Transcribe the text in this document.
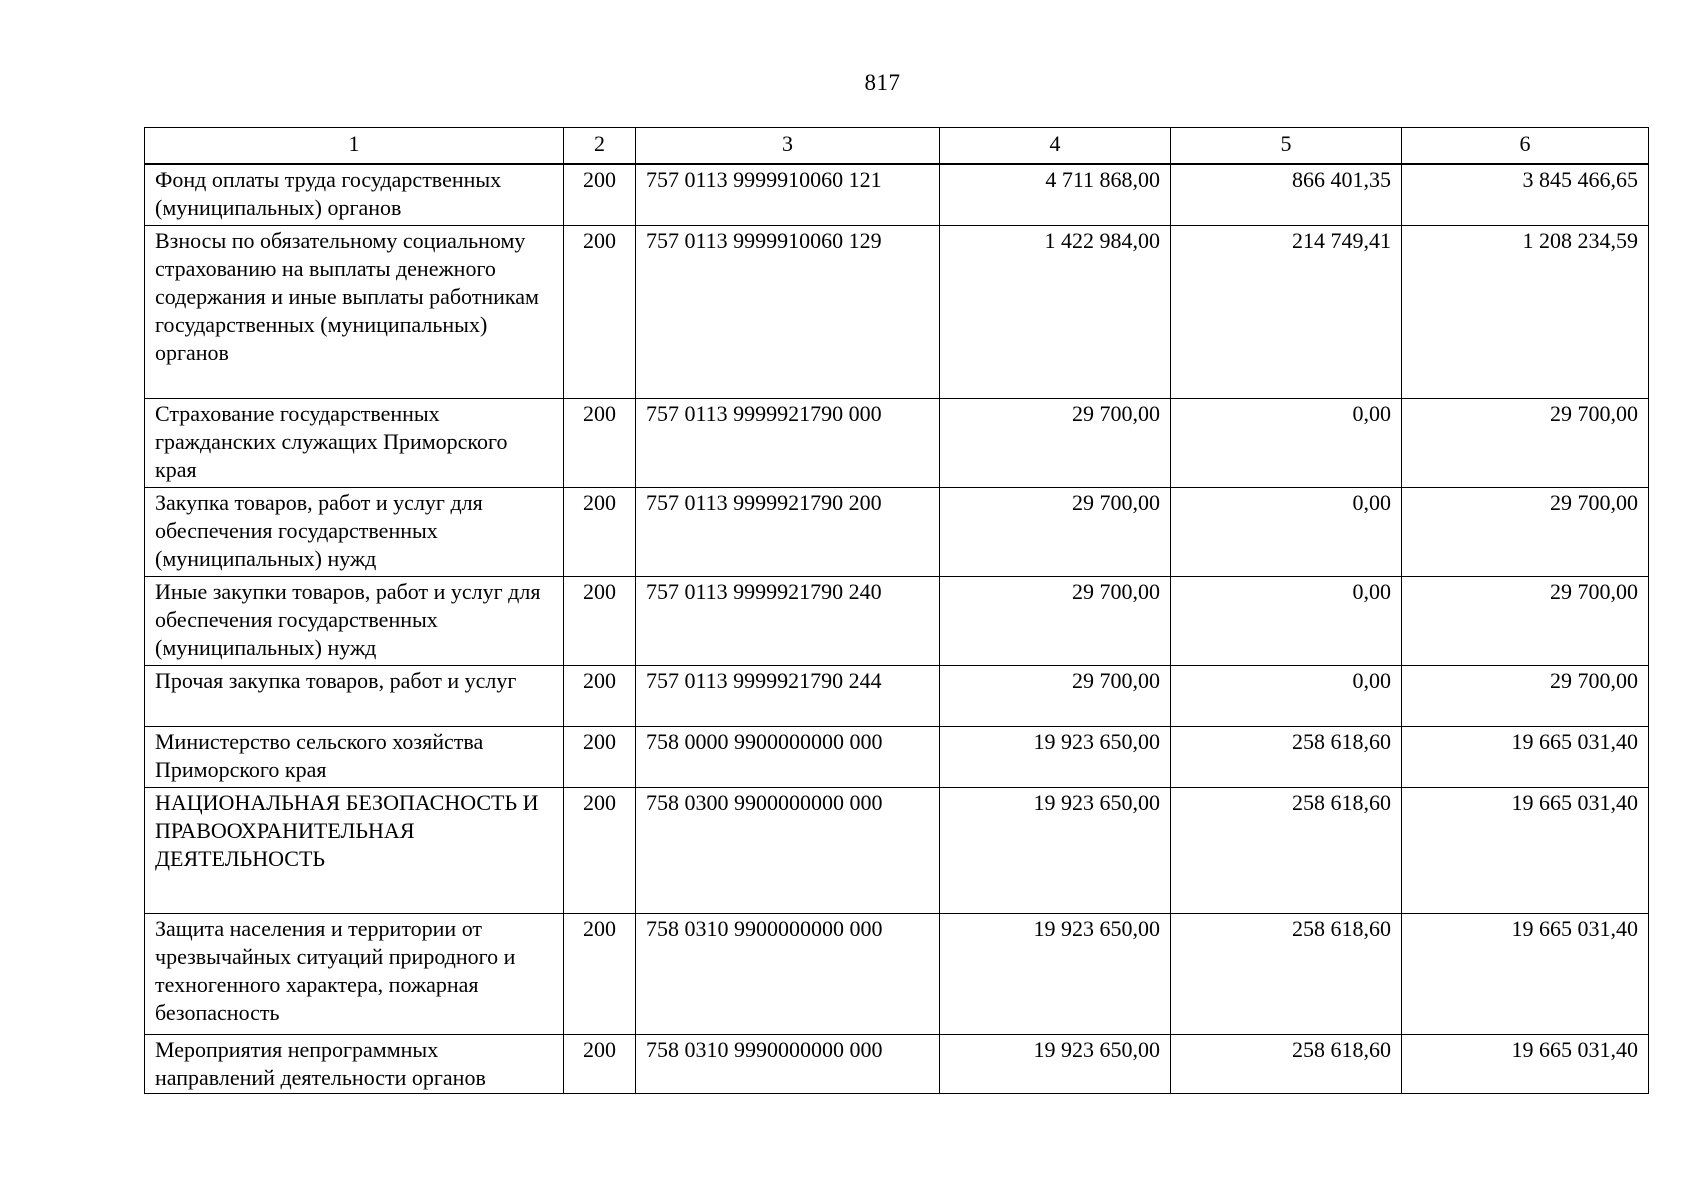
817
1	2	3	4	5	6
Фонд оплаты труда государственных (муниципальных) органов	200	757 0113 9999910060 121	4 711 868,00	866 401,35	3 845 466,65
Взносы по обязательному социальному страхованию на выплаты денежного содержания и иные выплаты работникам государственных (муниципальных) органов	200	757 0113 9999910060 129	1 422 984,00	214 749,41	1 208 234,59
Страхование государственных гражданских служащих Приморского края	200	757 0113 9999921790 000	29 700,00	0,00	29 700,00
Закупка товаров, работ и услуг для обеспечения государственных (муниципальных) нужд	200	757 0113 9999921790 200	29 700,00	0,00	29 700,00
Иные закупки товаров, работ и услуг для обеспечения государственных (муниципальных) нужд	200	757 0113 9999921790 240	29 700,00	0,00	29 700,00
Прочая закупка товаров, работ и услуг	200	757 0113 9999921790 244	29 700,00	0,00	29 700,00
Министерство сельского хозяйства Приморского края	200	758 0000 9900000000 000	19 923 650,00	258 618,60	19 665 031,40
НАЦИОНАЛЬНАЯ БЕЗОПАСНОСТЬ И ПРАВООХРАНИТЕЛЬНАЯ ДЕЯТЕЛЬНОСТЬ	200	758 0300 9900000000 000	19 923 650,00	258 618,60	19 665 031,40
Защита населения и территории от чрезвычайных ситуаций природного и техногенного характера, пожарная безопасность	200	758 0310 9900000000 000	19 923 650,00	258 618,60	19 665 031,40
Мероприятия непрограммных направлений деятельности органов	200	758 0310 9990000000 000	19 923 650,00	258 618,60	19 665 031,40
